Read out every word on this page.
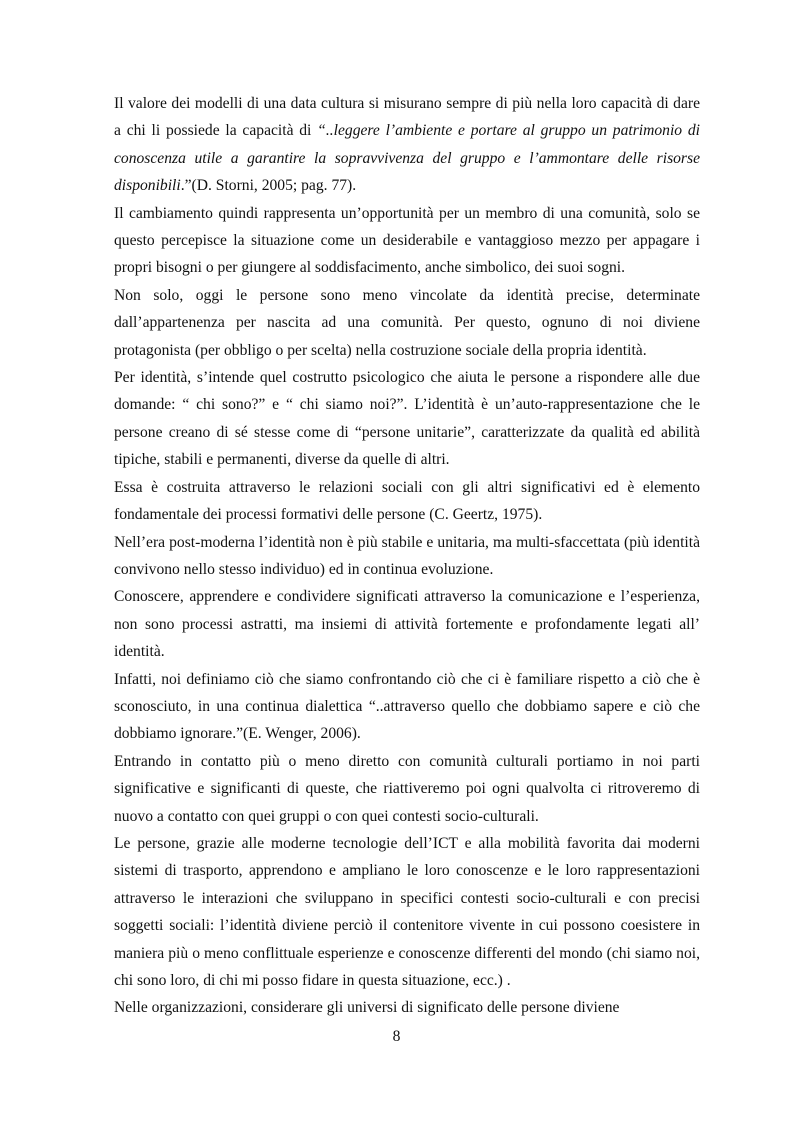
Il valore dei modelli di una data cultura si misurano sempre di più nella loro capacità di dare a chi li possiede la capacità di “..leggere l’ambiente e portare al gruppo un patrimonio di conoscenza utile a garantire la sopravvivenza del gruppo e l’ammontare delle risorse disponibili.”(D. Storni, 2005; pag. 77).

Il cambiamento quindi rappresenta un’opportunità per un membro di una comunità, solo se questo percepisce la situazione come un desiderabile e vantaggioso mezzo per appagare i propri bisogni o per giungere al soddisfacimento, anche simbolico, dei suoi sogni.

Non solo, oggi le persone sono meno vincolate da identità precise, determinate dall’appartenenza per nascita ad una comunità. Per questo, ognuno di noi diviene protagonista (per obbligo o per scelta) nella costruzione sociale della propria identità.

Per identità, s’intende quel costrutto psicologico che aiuta le persone a rispondere alle due domande: “ chi sono?” e “ chi siamo noi?”. L’identità è un’auto-rappresentazione che le persone creano di sé stesse come di “persone unitarie”, caratterizzate da qualità ed abilità tipiche, stabili e permanenti, diverse da quelle di altri.

Essa è costruita attraverso le relazioni sociali con gli altri significativi ed è elemento fondamentale dei processi formativi delle persone (C. Geertz, 1975).

Nell’era post-moderna l’identità non è più stabile e unitaria, ma multi-sfaccettata (più identità convivono nello stesso individuo) ed in continua evoluzione.

Conoscere, apprendere e condividere significati attraverso la comunicazione e l’esperienza, non sono processi astratti, ma insiemi di attività fortemente e profondamente legati all’ identità.

Infatti, noi definiamo ciò che siamo confrontando ciò che ci è familiare rispetto a ciò che è sconosciuto, in una continua dialettica “..attraverso quello che dobbiamo sapere e ciò che dobbiamo ignorare.”(E. Wenger, 2006).

Entrando in contatto più o meno diretto con comunità culturali portiamo in noi parti significative e significanti di queste, che riattiveremo poi ogni qualvolta ci ritroveremo di nuovo a contatto con quei gruppi o con quei contesti socio-culturali.

Le persone, grazie alle moderne tecnologie dell’ICT e alla mobilità favorita dai moderni sistemi di trasporto, apprendono e ampliano le loro conoscenze e le loro rappresentazioni attraverso le interazioni che sviluppano in specifici contesti socio-culturali e con precisi soggetti sociali: l’identità diviene perciò il contenitore vivente in cui possono coesistere in maniera più o meno conflittuale esperienze e conoscenze differenti del mondo (chi siamo noi, chi sono loro, di chi mi posso fidare in questa situazione, ecc.) .

Nelle organizzazioni, considerare gli universi di significato delle persone diviene

8
